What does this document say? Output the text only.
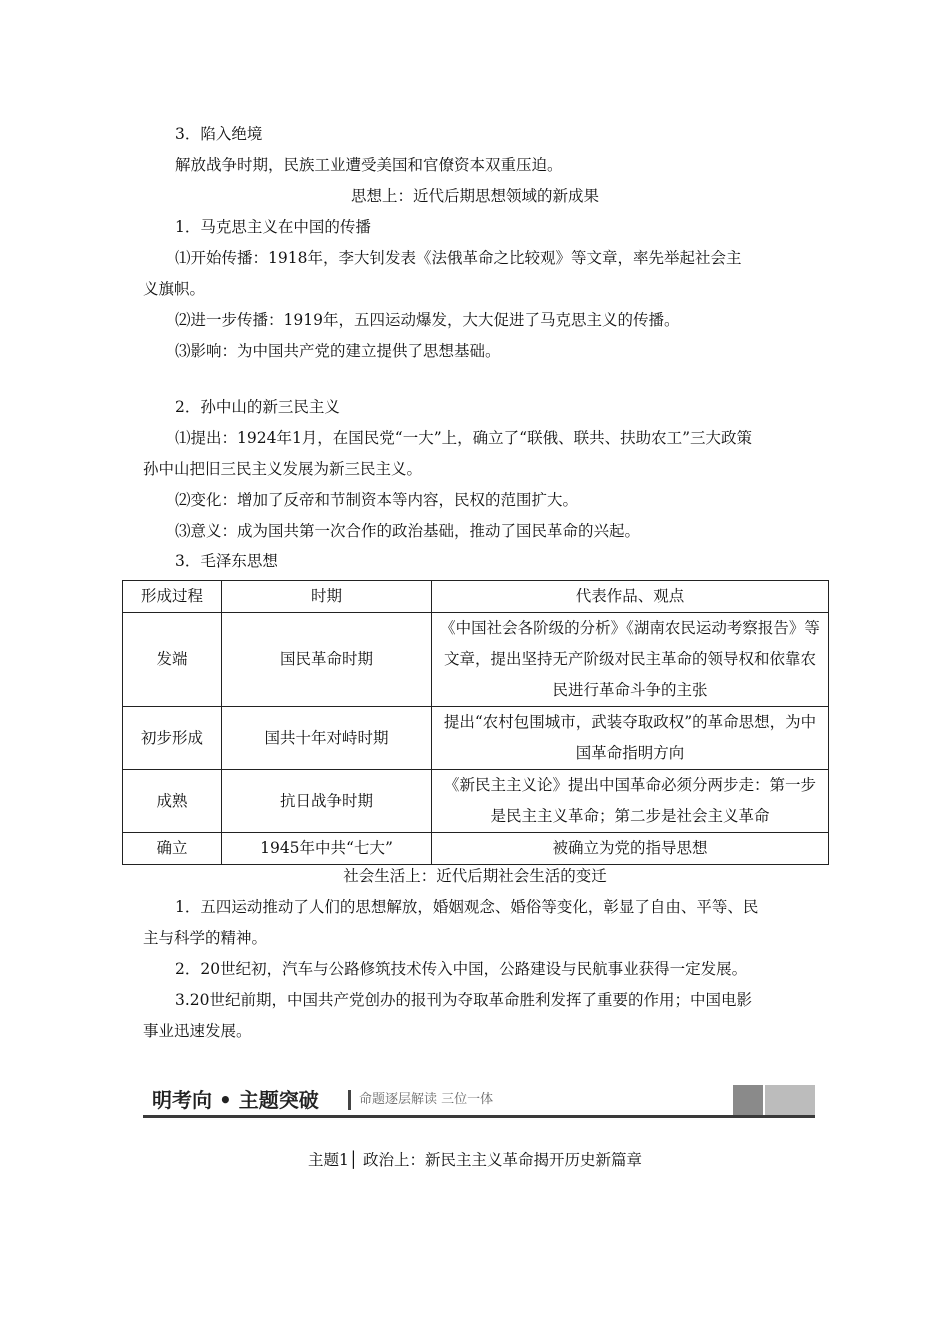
3．陷入绝境
解放战争时期，民族工业遭受美国和官僚资本双重压迫。
思想上：近代后期思想领域的新成果
1．马克思主义在中国的传播
⑴开始传播：1918年，李大钊发表《法俄革命之比较观》等文章，率先举起社会主
义旗帜。
⑵进一步传播：1919年，五四运动爆发，大大促进了马克思主义的传播。
⑶影响：为中国共产党的建立提供了思想基础。
2．孙中山的新三民主义
⑴提出：1924年1月，在国民党“一大”上，确立了“联俄、联共、扶助农工”三大政策
孙中山把旧三民主义发展为新三民主义。
⑵变化：增加了反帝和节制资本等内容，民权的范围扩大。
⑶意义：成为国共第一次合作的政治基础，推动了国民革命的兴起。
3．毛泽东思想
形成过程	时期	代表作品、观点
发端	国民革命时期	《中国社会各阶级的分析》《湖南农民运动考察报告》等文章，提出坚持无产阶级对民主革命的领导权和依靠农民进行革命斗争的主张
初步形成	国共十年对峙时期	提出“农村包围城市，武装夺取政权”的革命思想，为中国革命指明方向
成熟	抗日战争时期	《新民主主义论》提出中国革命必须分两步走：第一步是民主主义革命；第二步是社会主义革命
确立	1945年中共“七大”	被确立为党的指导思想
社会生活上：近代后期社会生活的变迁
1．五四运动推动了人们的思想解放，婚姻观念、婚俗等变化，彰显了自由、平等、民
主与科学的精神。
2．20世纪初，汽车与公路修筑技术传入中国，公路建设与民航事业获得一定发展。
3.20世纪前期，中国共产党创办的报刊为夺取革命胜利发挥了重要的作用；中国电影
事业迅速发展。
明考向 • 主题突破	命题逐层解读 三位一体
主题1│ 政治上：新民主主义革命揭开历史新篇章
